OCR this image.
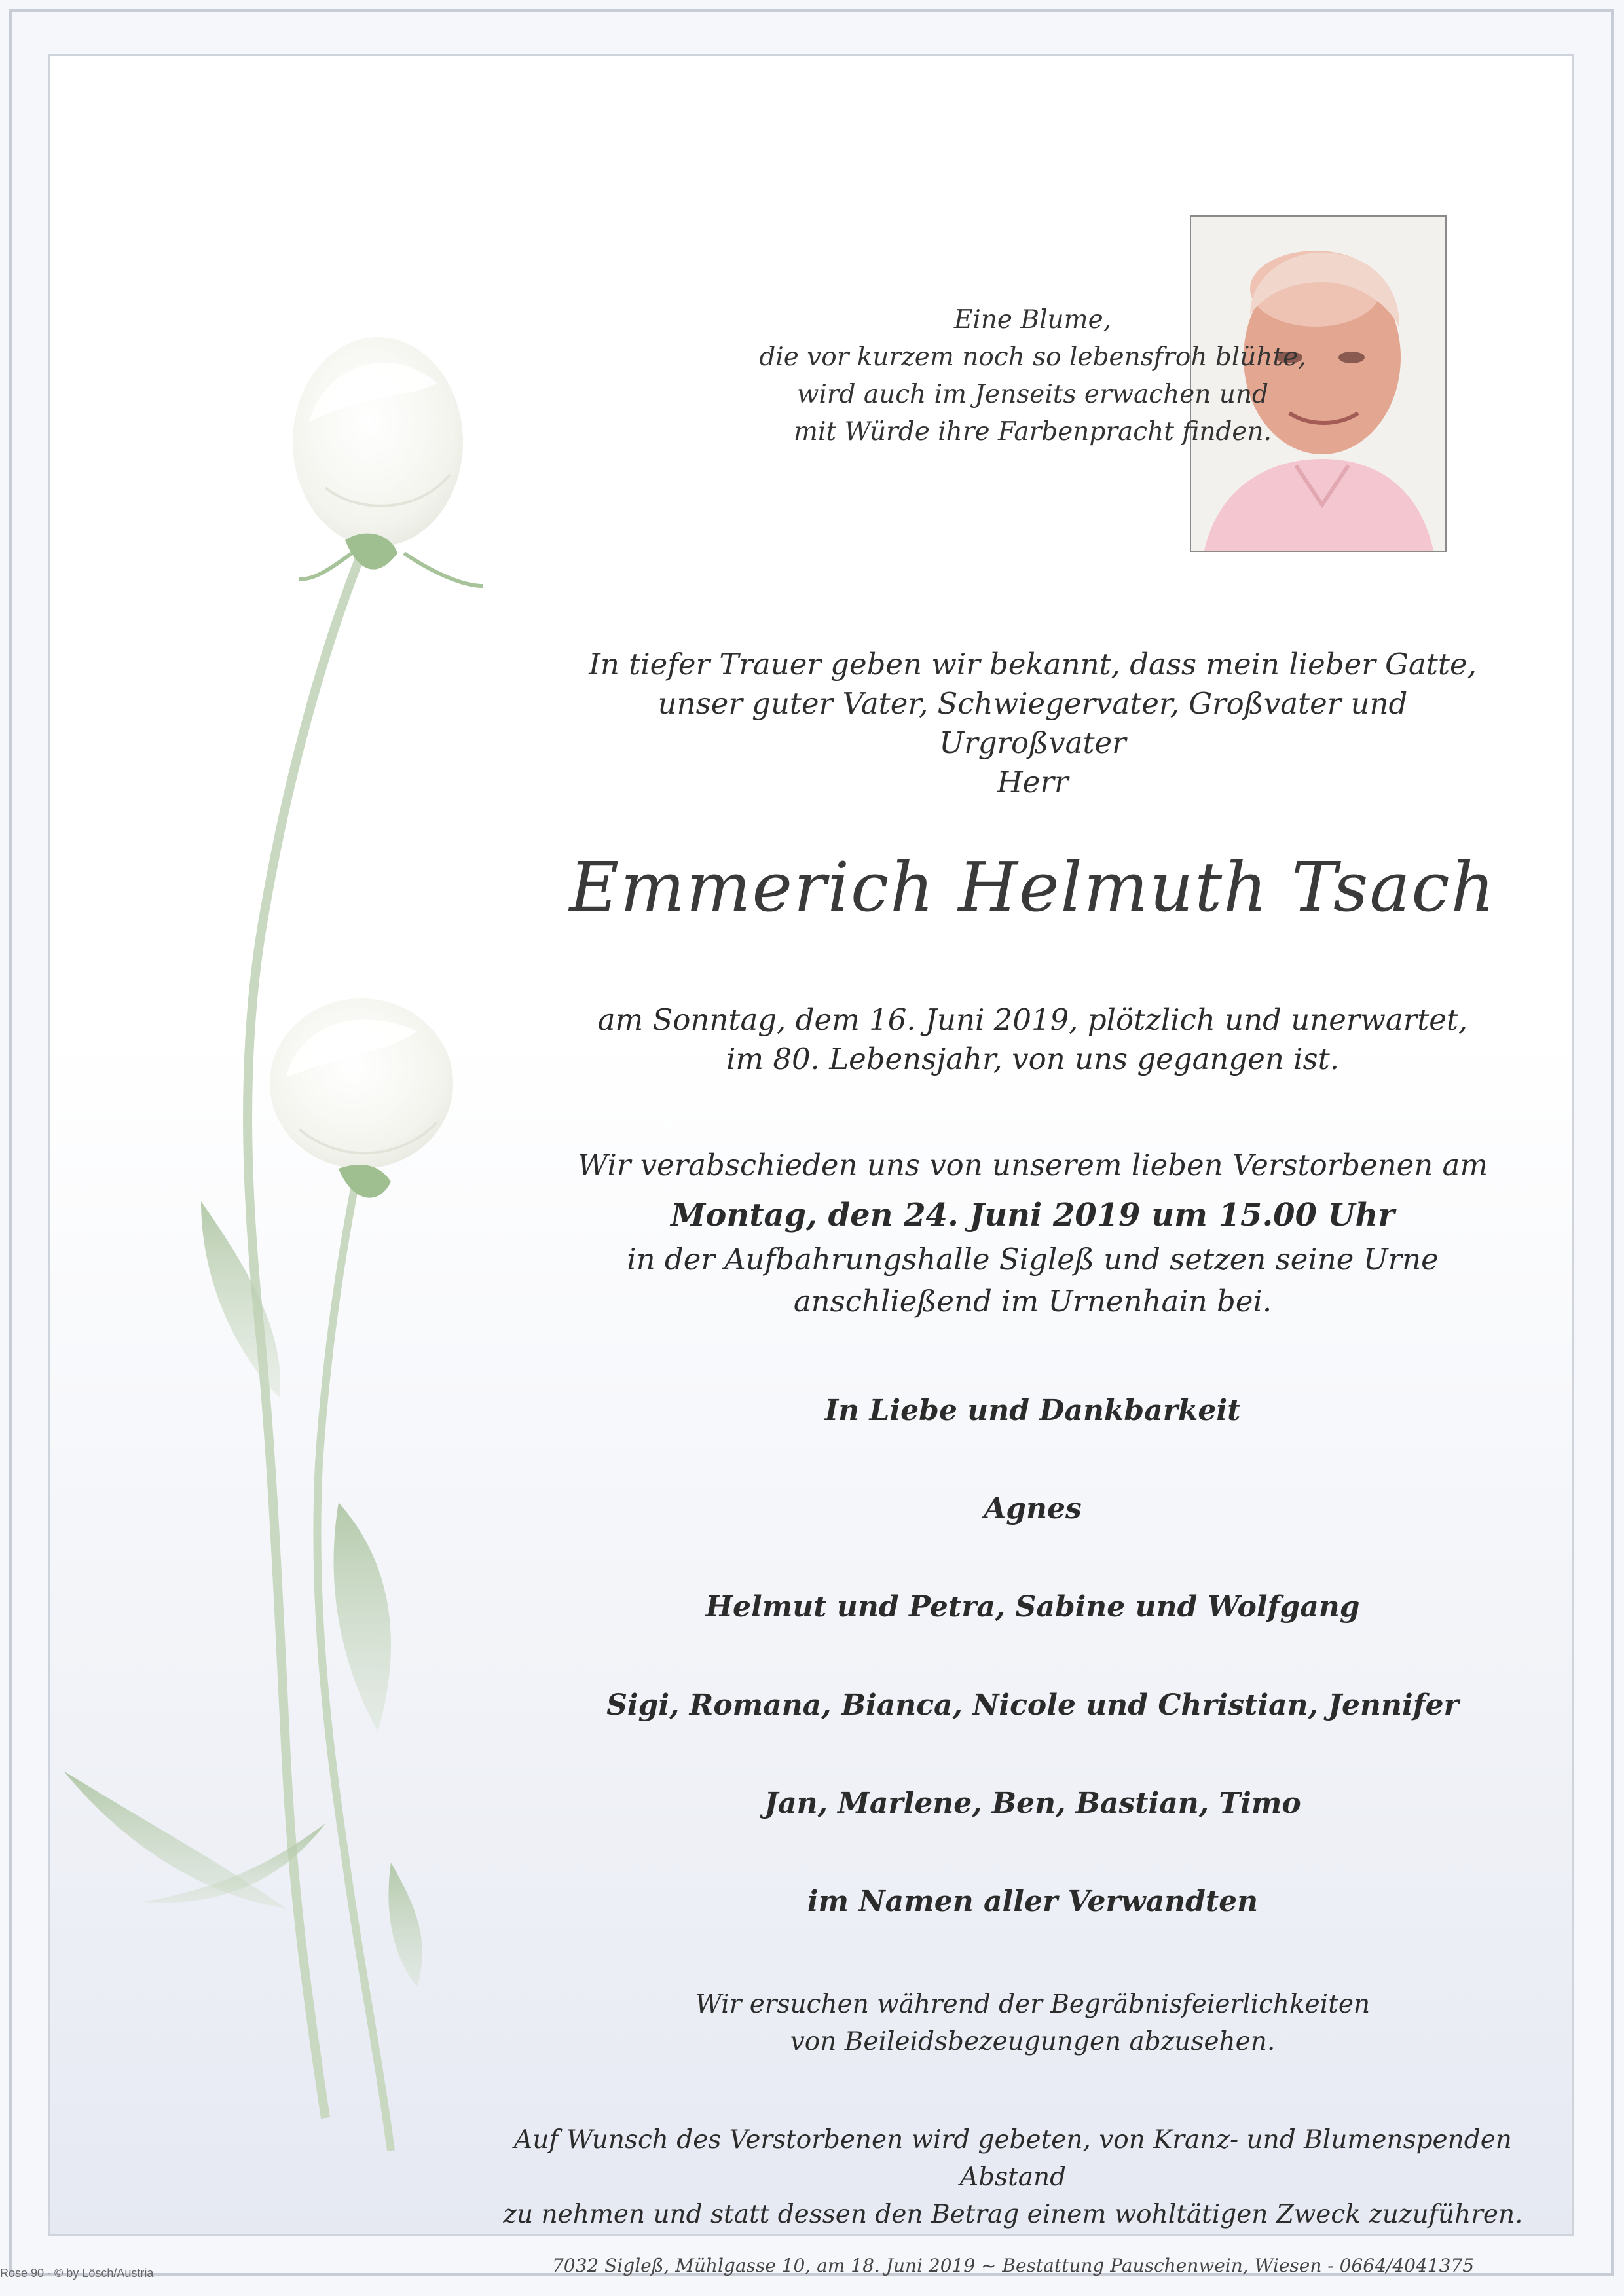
Eine Blume,
die vor kurzem noch so lebensfroh blühte,
wird auch im Jenseits erwachen und
mit Würde ihre Farbenpracht finden.
In tiefer Trauer geben wir bekannt, dass mein lieber Gatte,
unser guter Vater, Schwiegervater, Großvater und Urgroßvater
Herr
Emmerich Helmuth Tsach
am Sonntag, dem 16. Juni 2019, plötzlich und unerwartet,
im 80. Lebensjahr, von uns gegangen ist.
Wir verabschieden uns von unserem lieben Verstorbenen am
Montag, den 24. Juni 2019 um 15.00 Uhr
in der Aufbahrungshalle Sigleß und setzen seine Urne
anschließend im Urnenhain bei.
In Liebe und Dankbarkeit
Agnes
Helmut und Petra, Sabine und Wolfgang
Sigi, Romana, Bianca, Nicole und Christian, Jennifer
Jan, Marlene, Ben, Bastian, Timo
im Namen aller Verwandten
Wir ersuchen während der Begräbnisfeierlichkeiten
von Beileidsbezeugungen abzusehen.
Auf Wunsch des Verstorbenen wird gebeten, von Kranz- und Blumenspenden Abstand
zu nehmen und statt dessen den Betrag einem wohltätigen Zweck zuzuführen.
7032 Sigleß, Mühlgasse 10, am 18. Juni 2019 ~ Bestattung Pauschenwein, Wiesen - 0664/4041375
Rose 90 - © by Lösch/Austria
